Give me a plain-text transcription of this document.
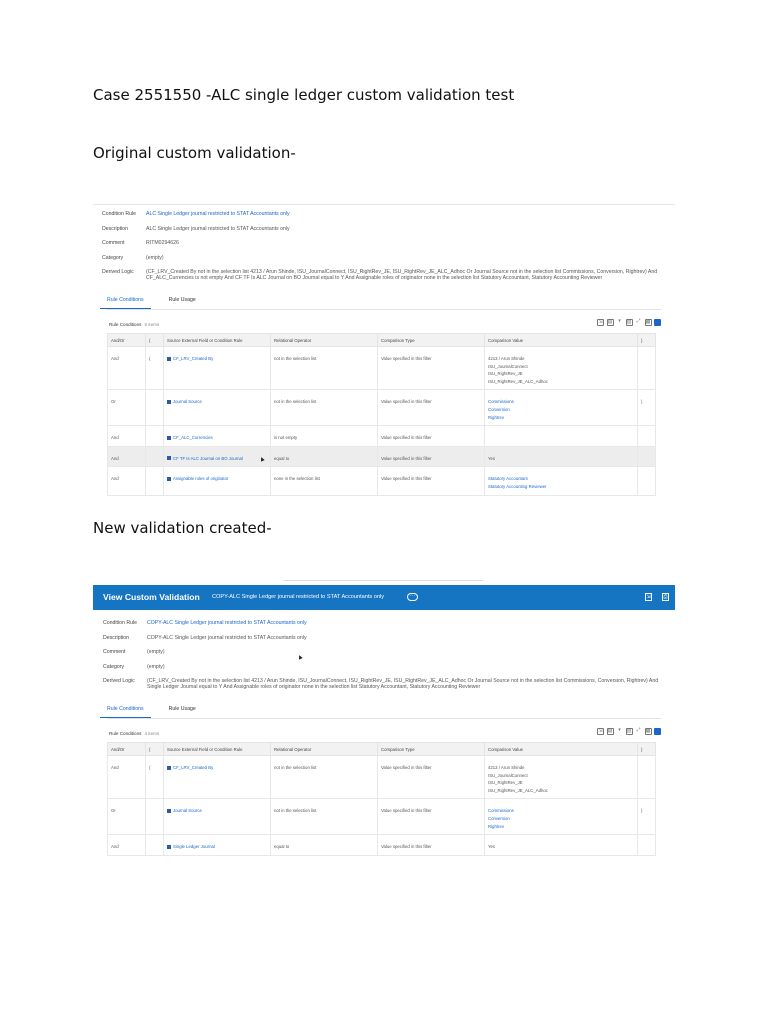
Case 2551550 -ALC single ledger custom validation test
Original custom validation-
New validation created-
Condition Rule	ALC Single Ledger journal restricted to STAT Accountants only
Description	ALC Single Ledger journal restricted to STAT Accountants only
Comment	RITM0294626
Category	(empty)
Derived Logic	(CF_LRV_Created By not in the selection list 4213 / Arun Shinde, ISU_JournalConnect, ISU_RightRev_JE, ISU_RightRev_JE_ALC_Adhoc Or Journal Source not in the selection list Commissions, Conversion, Rightrev) And CF_ALC_Currencies is not empty And CF TF Is ALC Journal on BO Journal equal to Y And Assignable roles of originator none in the selection list Statutory Accountant, Statutory Accounting Reviewer
Rule Conditions	Rule Usage
Rule Conditions 5 items	⇲ ▤	▾	▥ ⤢	▦
And/Or	(	Source External Field or Condition Rule	Relational Operator	Comparison Type	Comparison Value	)
And	(	CF_LRV_Created By	not in the selection list	Value specified in this filter	4213 / Arun Shinde
ISU_JournalConnect
ISU_RightRev_JE
ISU_RightRev_JE_ALC_Adhoc	

Or		Journal Source	not in the selection list	Value specified in this filter	Commissions
Conversion
Rightrev	)
And		CF_ALC_Currencies	is not empty	Value specified in this filter		
And		CF TF Is ALC Journal on BO Journal	equal to	Value specified in this filter	Yes	

And		Assignable roles of originator	none in the selection list	Value specified in this filter	Statutory Accountant
Statutory Accounting Reviewer	

View Custom Validation COPY-ALC Single Ledger journal restricted to STAT Accountants only	···	⇲	⎙
Condition Rule	COPY-ALC Single Ledger journal restricted to STAT Accountants only
Description	COPY-ALC Single Ledger journal restricted to STAT Accountants only
Comment	(empty)
Category	(empty)
Derived Logic	(CF_LRV_Created By not in the selection list 4213 / Arun Shinde, ISU_JournalConnect, ISU_RightRev_JE, ISU_RightRev_JE_ALC_Adhoc Or Journal Source not in the selection list Commissions, Conversion, Rightrev) And Single Ledger Journal equal to Y And Assignable roles of originator none in the selection list Statutory Accountant, Statutory Accounting Reviewer
Rule Conditions	Rule Usage
Rule Conditions 4 items	⇲ ▤	▾	▥ ⤢	▦
And/Or	(	Source External Field or Condition Rule	Relational Operator	Comparison Type	Comparison Value	)
And	(	CF_LRV_Created By	not in the selection list	Value specified in this filter	4213 / Arun Shinde
ISU_JournalConnect
ISU_RightRev_JE
ISU_RightRev_JE_ALC_Adhoc	

Or		Journal Source	not in the selection list	Value specified in this filter	Commissions
Conversion
Rightrev	)
And		Single Ledger Journal	equal to	Value specified in this filter	Yes	
